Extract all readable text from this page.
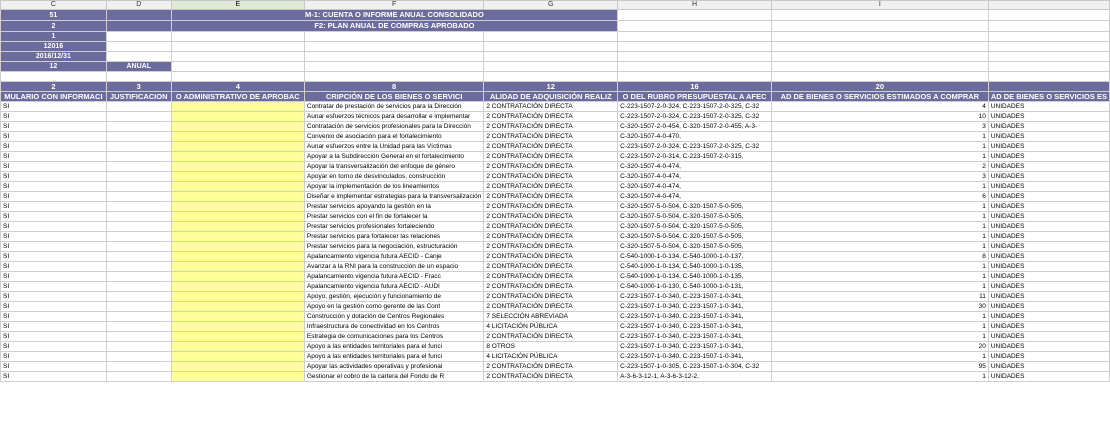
C	D	E	F	G	H	I	
51		M-1: CUENTA O INFORME ANUAL CONSOLIDADO					
2		F2: PLAN ANUAL DE COMPRAS APROBADO					
1							
12016							
2016/12/31							
12	ANUAL						

2	3	4	8	12	16	20	
MULARIO CON INFORMACI	JUSTIFICACION	O ADMINISTRATIVO DE APROBAC	CRIPCIÓN DE LOS BIENES O SERVICI	ALIDAD DE ADQUISICIÓN REALIZ	O DEL RUBRO PRESUPUESTAL A AFEC	AD DE BIENES O SERVICIOS ESTIMADOS A COMPRAR	AD DE BIENES O SERVICIOS ES
SI			Contratar de prestación de servicios para la Dirección	2 CONTRATACIÓN DIRECTA	C-223-1507-2-0-324, C-223-1507-2-0-325, C-32	4	UNIDADES
SI			Aunar esfuerzos técnicos para desarrollar e implementar	2 CONTRATACIÓN DIRECTA	C-223-1507-2-0-324, C-223-1507-2-0-325, C-32	10	UNIDADES
SI			Contratación de servicios profesionales para la Dirección	2 CONTRATACIÓN DIRECTA	C-320-1507-2-0-454, C-320-1507-2-0-455, A-3-	3	UNIDADES
SI			Convenio de asociación para el fortalecimiento	2 CONTRATACIÓN DIRECTA	C-320-1507-4-0-470,	1	UNIDADES
SI			Aunar esfuerzos entre la Unidad para las Víctimas	2 CONTRATACIÓN DIRECTA	C-223-1507-2-0-324, C-223-1507-2-0-325, C-32	1	UNIDADES
SI			Apoyar a la Subdirección General en el fortalecimiento	2 CONTRATACIÓN DIRECTA	C-223-1507-2-0-314, C-223-1507-2-0-315,	1	UNIDADES
SI			Apoyar la transversalización del enfoque de género	2 CONTRATACIÓN DIRECTA	C-320-1507-4-0-474,	2	UNIDADES
SI			Apoyar en torno de desvinculados, construcción	2 CONTRATACIÓN DIRECTA	C-320-1507-4-0-474,	3	UNIDADES
SI			Apoyar la implementación de los lineamientos	2 CONTRATACIÓN DIRECTA	C-320-1507-4-0-474,	1	UNIDADES
SI			Diseñar e implementar estrategias para la transversalización	2 CONTRATACIÓN DIRECTA	C-320-1507-4-0-474,	6	UNIDADES
SI			Prestar servicios apoyando la gestión en la	2 CONTRATACIÓN DIRECTA	C-320-1507-5-0-504, C-320-1507-5-0-505,	1	UNIDADES
SI			Prestar servicios con el fin de fortalecer la	2 CONTRATACIÓN DIRECTA	C-320-1507-5-0-504, C-320-1507-5-0-505,	1	UNIDADES
SI			Prestar servicios profesionales fortaleciendo	2 CONTRATACIÓN DIRECTA	C-320-1507-5-0-504, C-320-1507-5-0-505,	1	UNIDADES
SI			Prestar servicios para fortalecer las relaciones	2 CONTRATACIÓN DIRECTA	C-320-1507-5-0-504, C-320-1507-5-0-505,	1	UNIDADES
SI			Prestar servicios para la negociación, estructuración	2 CONTRATACIÓN DIRECTA	C-320-1507-5-0-504, C-320-1507-5-0-505,	1	UNIDADES
SI			Apalancamiento vigencia futura AECID - Canje	2 CONTRATACIÓN DIRECTA	C-540-1000-1-0-134, C-540-1000-1-0-137,	8	UNIDADES
SI			Avanzar a la RNI para la construcción de un espacio	2 CONTRATACIÓN DIRECTA	C-540-1000-1-0-134, C-540-1000-1-0-135,	1	UNIDADES
SI			Apalancamiento vigencia futura AECID - Fracc	2 CONTRATACIÓN DIRECTA	C-540-1000-1-0-134, C-540-1000-1-0-135,	1	UNIDADES
SI			Apalancamiento vigencia futura AECID - AUDI	2 CONTRATACIÓN DIRECTA	C-540-1000-1-0-130, C-540-1000-1-0-131,	1	UNIDADES
SI			Apoyo, gestión, ejecución y funcionamiento de	2 CONTRATACIÓN DIRECTA	C-223-1507-1-0-340, C-223-1507-1-0-341,	11	UNIDADES
SI			Apoyo en la gestión como gerente de las Cont	2 CONTRATACIÓN DIRECTA	C-223-1507-1-0-340, C-223-1507-1-0-341,	30	UNIDADES
SI			Construcción y dotación de Centros Regionales	7 SELECCIÓN ABREVIADA	C-223-1507-1-0-340, C-223-1507-1-0-341,	1	UNIDADES
SI			Infraestructura de conectividad en los Centros	4 LICITACIÓN PÚBLICA	C-223-1507-1-0-340, C-223-1507-1-0-341,	1	UNIDADES
SI			Estrategia de comunicaciones para los Centros	2 CONTRATACIÓN DIRECTA	C-223-1507-1-0-340, C-223-1507-1-0-341,	1	UNIDADES
SI			Apoyo a las entidades territoriales para el funci	8 OTROS	C-223-1507-1-0-340, C-223-1507-1-0-341,	20	UNIDADES
SI			Apoyo a las entidades territoriales para el funci	4 LICITACIÓN PÚBLICA	C-223-1507-1-0-340, C-223-1507-1-0-341,	1	UNIDADES
SI			Apoyar las actividades operativas y profesional	2 CONTRATACIÓN DIRECTA	C-223-1507-1-0-305, C-223-1507-1-0-304, C-32	95	UNIDADES
SI			Gestionar el cobro de la cartera del Fondo de R	2 CONTRATACIÓN DIRECTA	A-3-6-3-12-1, A-3-6-3-12-2,	1	UNIDADES
